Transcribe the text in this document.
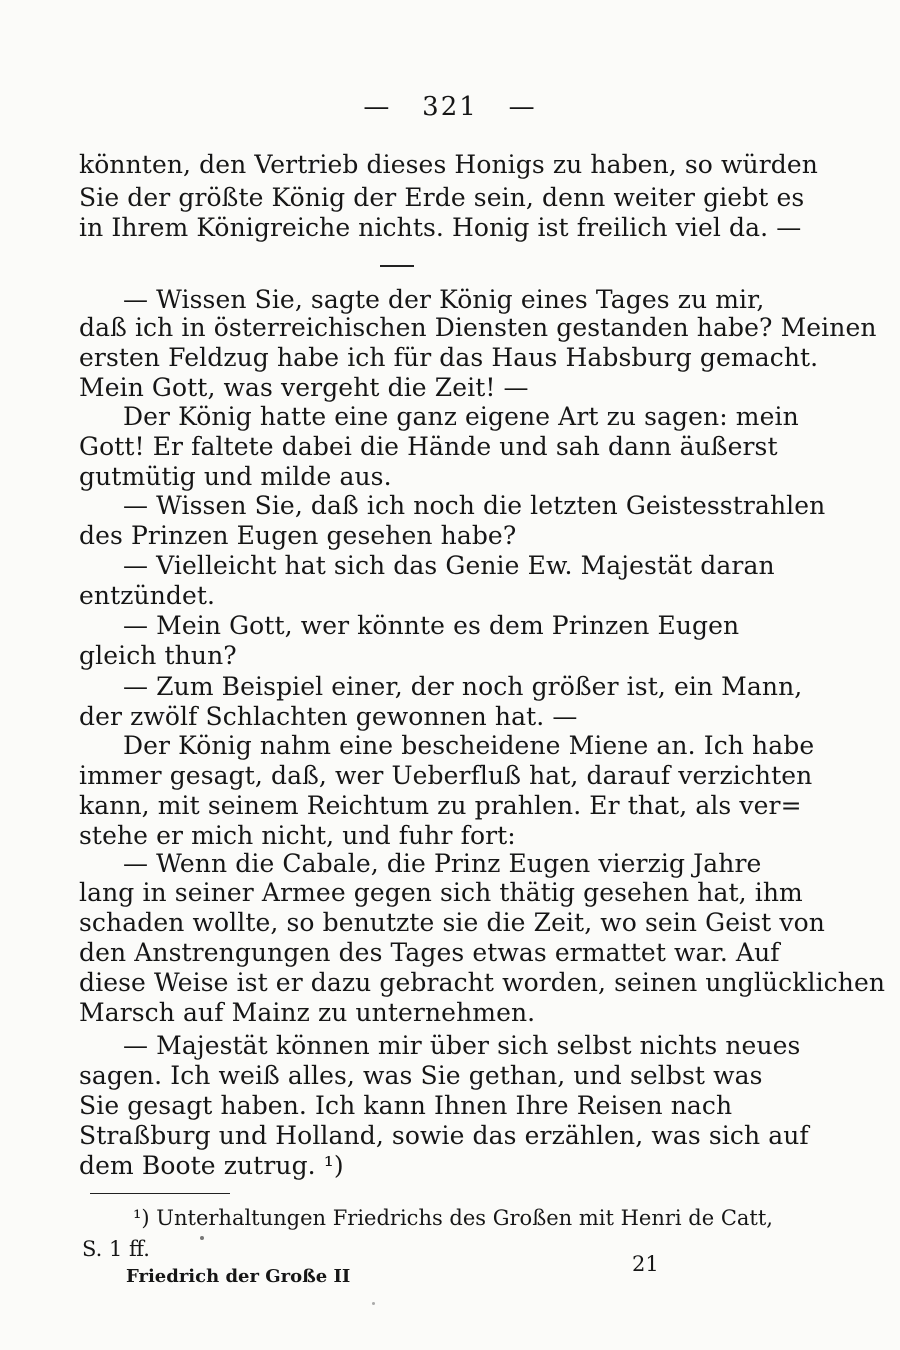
—   321   —
könnten, den Vertrieb dieses Honigs zu haben, so würden
Sie der größte König der Erde sein, denn weiter giebt es
in Ihrem Königreiche nichts. Honig ist freilich viel da. —
— Wissen Sie, sagte der König eines Tages zu mir,
daß ich in österreichischen Diensten gestanden habe? Meinen
ersten Feldzug habe ich für das Haus Habsburg gemacht.
Mein Gott, was vergeht die Zeit! —
Der König hatte eine ganz eigene Art zu sagen: mein
Gott! Er faltete dabei die Hände und sah dann äußerst
gutmütig und milde aus.
— Wissen Sie, daß ich noch die letzten Geistesstrahlen
des Prinzen Eugen gesehen habe?
— Vielleicht hat sich das Genie Ew. Majestät daran
entzündet.
— Mein Gott, wer könnte es dem Prinzen Eugen
gleich thun?
— Zum Beispiel einer, der noch größer ist, ein Mann,
der zwölf Schlachten gewonnen hat. —
Der König nahm eine bescheidene Miene an. Ich habe
immer gesagt, daß, wer Ueberfluß hat, darauf verzichten
kann, mit seinem Reichtum zu prahlen. Er that, als ver=
stehe er mich nicht, und fuhr fort:
— Wenn die Cabale, die Prinz Eugen vierzig Jahre
lang in seiner Armee gegen sich thätig gesehen hat, ihm
schaden wollte, so benutzte sie die Zeit, wo sein Geist von
den Anstrengungen des Tages etwas ermattet war. Auf
diese Weise ist er dazu gebracht worden, seinen unglücklichen
Marsch auf Mainz zu unternehmen.
— Majestät können mir über sich selbst nichts neues
sagen. Ich weiß alles, was Sie gethan, und selbst was
Sie gesagt haben. Ich kann Ihnen Ihre Reisen nach
Straßburg und Holland, sowie das erzählen, was sich auf
dem Boote zutrug. ¹)
¹) Unterhaltungen Friedrichs des Großen mit Henri de Catt,
S. 1 ff.
Friedrich der Große II
21
